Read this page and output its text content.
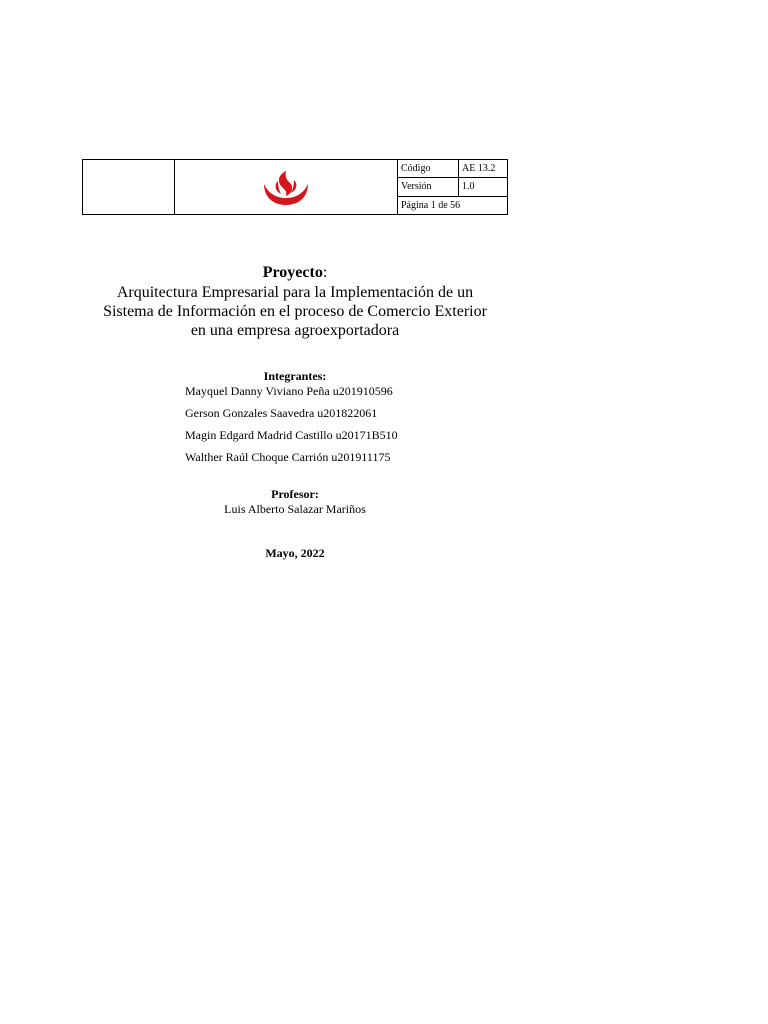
		Código	AE 13.2
		Versión	1.0
		Página 1 de 56	

Proyecto:

Arquitectura Empresarial para la Implementación de un

Sistema de Información en el proceso de Comercio Exterior

en una empresa agroexportadora

Integrantes:

Mayquel Danny Viviano Peña u201910596
Gerson Gonzales Saavedra u201822061
Magin Edgard Madrid Castillo u20171B510
Walther Raúl Choque Carrión u201911175

Profesor:

Luis Alberto Salazar Mariños

Mayo, 2022
